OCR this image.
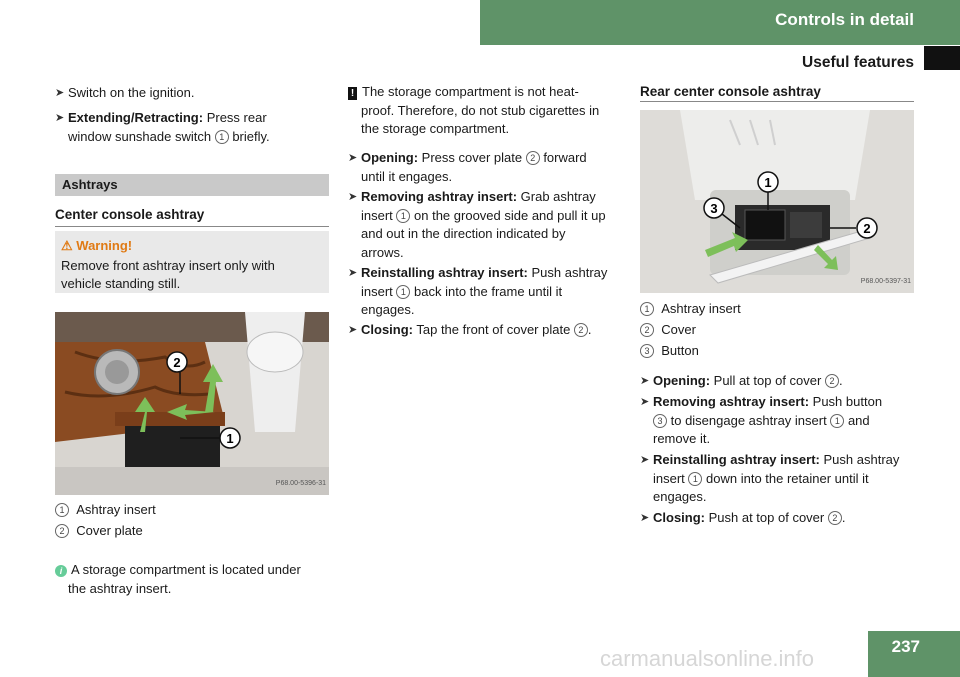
Controls in detail
Useful features
➤ Switch on the ignition.
➤ Extending/Retracting: Press rear
window sunshade switch 1 briefly.
Ashtrays
Center console ashtray
⚠ Warning!
Remove front ashtray insert only with
vehicle standing still.
2
1
P68.00-5396-31
1 Ashtray insert
2 Cover plate
i A storage compartment is located under
the ashtray insert.
! The storage compartment is not heat-
proof. Therefore, do not stub cigarettes in
the storage compartment.
➤ Opening: Press cover plate 2 forward
until it engages.
➤ Removing ashtray insert: Grab ashtray
insert 1 on the grooved side and pull it up
and out in the direction indicated by
arrows.
➤ Reinstalling ashtray insert: Push ashtray
insert 1 back into the frame until it
engages.
➤ Closing: Tap the front of cover plate 2 .
Rear center console ashtray
1
3
2
P68.00-5397-31
1 Ashtray insert
2 Cover
3 Button
➤ Opening: Pull at top of cover 2 .
➤ Removing ashtray insert: Push button
3 to disengage ashtray insert 1 and
remove it.
➤ Reinstalling ashtray insert: Push ashtray
insert 1 down into the retainer until it
engages.
➤ Closing: Push at top of cover 2 .
237
carmanualsonline.info
